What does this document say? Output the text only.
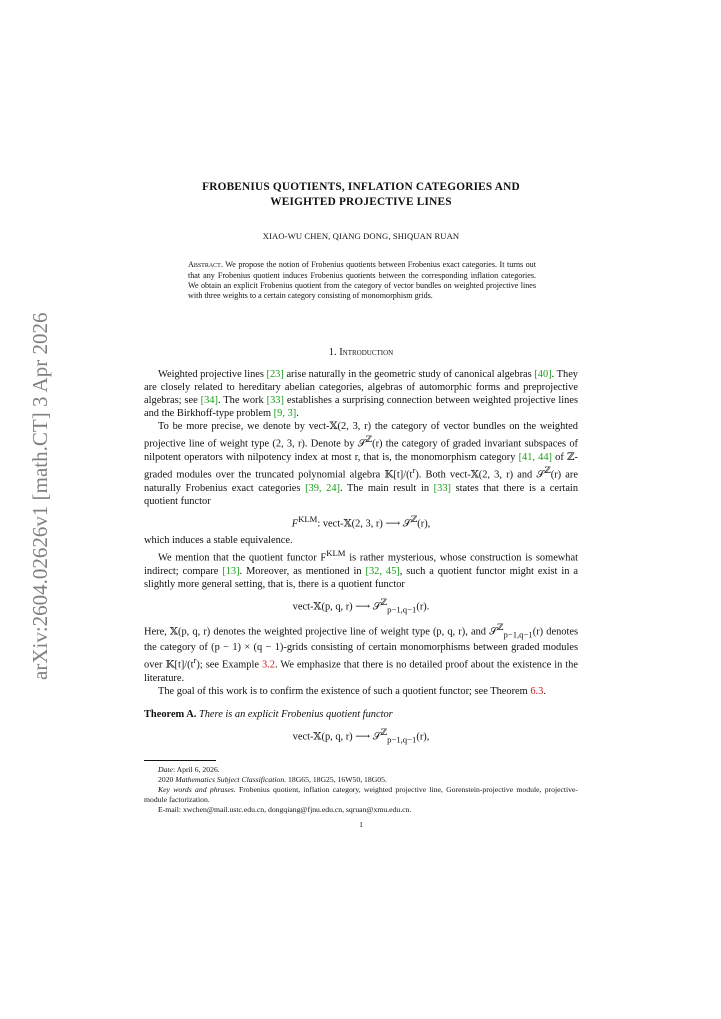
arXiv:2604.02626v1 [math.CT] 3 Apr 2026
FROBENIUS QUOTIENTS, INFLATION CATEGORIES AND
WEIGHTED PROJECTIVE LINES
XIAO-WU CHEN, QIANG DONG, SHIQUAN RUAN
Abstract. We propose the notion of Frobenius quotients between Frobenius exact categories. It turns out that any Frobenius quotient induces Frobenius quotients between the corresponding inflation categories. We obtain an explicit Frobenius quotient from the category of vector bundles on weighted projective lines with three weights to a certain category consisting of monomorphism grids.
1. Introduction

Weighted projective lines [23] arise naturally in the geometric study of canonical algebras [40]. They are closely related to hereditary abelian categories, algebras of automorphic forms and preprojective algebras; see [34]. The work [33] establishes a surprising connection between weighted projective lines and the Birkhoff-type problem [9, 3].

To be more precise, we denote by vect-𝕏(2, 3, r) the category of vector bundles on the weighted projective line of weight type (2, 3, r). Denote by 𝒮$^ℤ$(r) the category of graded invariant subspaces of nilpotent operators with nilpotency index at most r, that is, the monomorphism category [41, 44] of ℤ-graded modules over the truncated polynomial algebra $𝕂[t]/(t^r)$. Both vect-𝕏(2, 3, r) and 𝒮$^ℤ$(r) are naturally Frobenius exact categories [39, 24]. The main result in [33] states that there is a certain quotient functor

$F^{KLM}$: vect-𝕏(2, 3, r) ⟶ 𝒮$^ℤ$(r),

which induces a stable equivalence.

We mention that the quotient functor $F^{KLM}$ is rather mysterious, whose construction is somewhat indirect; compare [13]. Moreover, as mentioned in [32, 45], such a quotient functor might exist in a slightly more general setting, that is, there is a quotient functor

vect-𝕏(p, q, r) ⟶ 𝒮$^ℤ_{p-1,q-1}$(r).

Here, 𝕏(p, q, r) denotes the weighted projective line of weight type (p, q, r), and 𝒮$^ℤ_{p-1,q-1}$(r) denotes the category of (p − 1) × (q − 1)-grids consisting of certain monomorphisms between graded modules over $𝕂[t]/(t^r)$; see Example 3.2. We emphasize that there is no detailed proof about the existence in the literature.

The goal of this work is to confirm the existence of such a quotient functor; see Theorem 6.3.

Theorem A. There is an explicit Frobenius quotient functor

vect-𝕏(p, q, r) ⟶ 𝒮$^ℤ_{p-1,q-1}$(r),
Date: April 6, 2026.
2020 Mathematics Subject Classification. 18G65, 18G25, 16W50, 18G05.
Key words and phrases. Frobenius quotient, inflation category, weighted projective line, Gorenstein-projective module, projective-module factorization.
E-mail: xwchen@mail.ustc.edu.cn, dongqiang@fjnu.edu.cn, sqruan@xmu.edu.cn.
1
